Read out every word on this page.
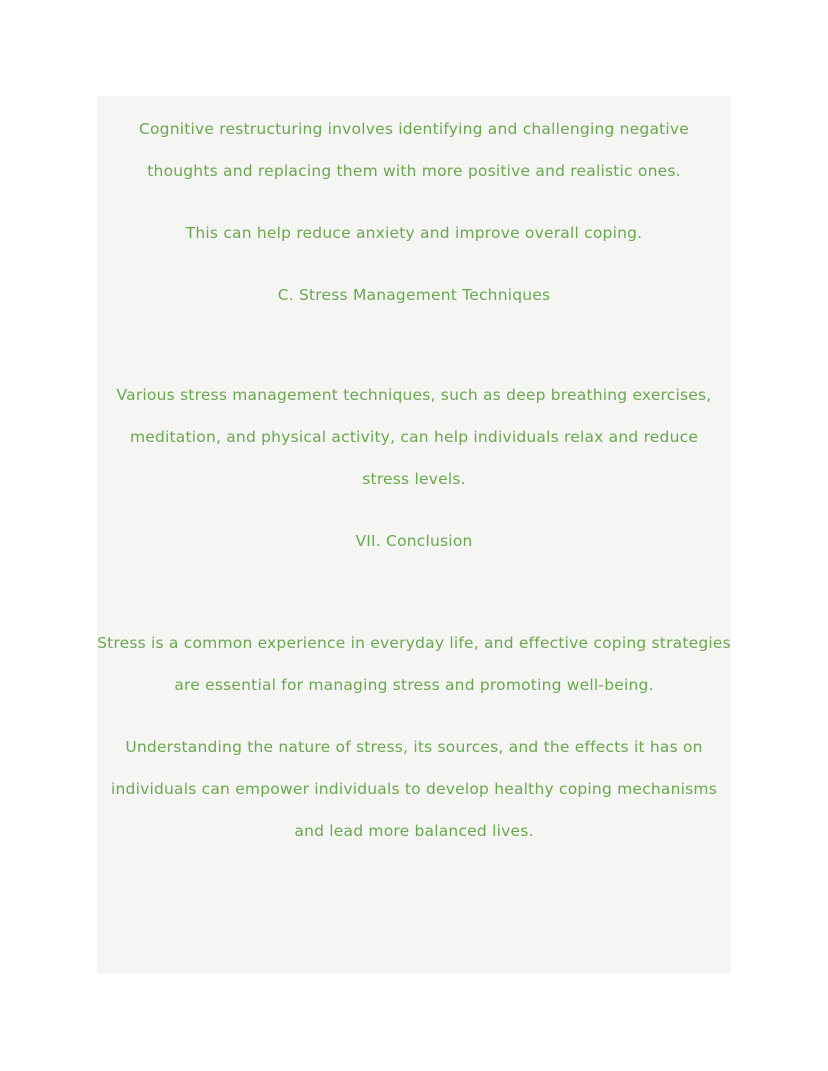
Cognitive restructuring involves identifying and challenging negative thoughts and replacing them with more positive and realistic ones.

This can help reduce anxiety and improve overall coping.

C. Stress Management Techniques

Various stress management techniques, such as deep breathing exercises, meditation, and physical activity, can help individuals relax and reduce stress levels.

VII. Conclusion

Stress is a common experience in everyday life, and effective coping strategies are essential for managing stress and promoting well-being.

Understanding the nature of stress, its sources, and the effects it has on individuals can empower individuals to develop healthy coping mechanisms and lead more balanced lives.
